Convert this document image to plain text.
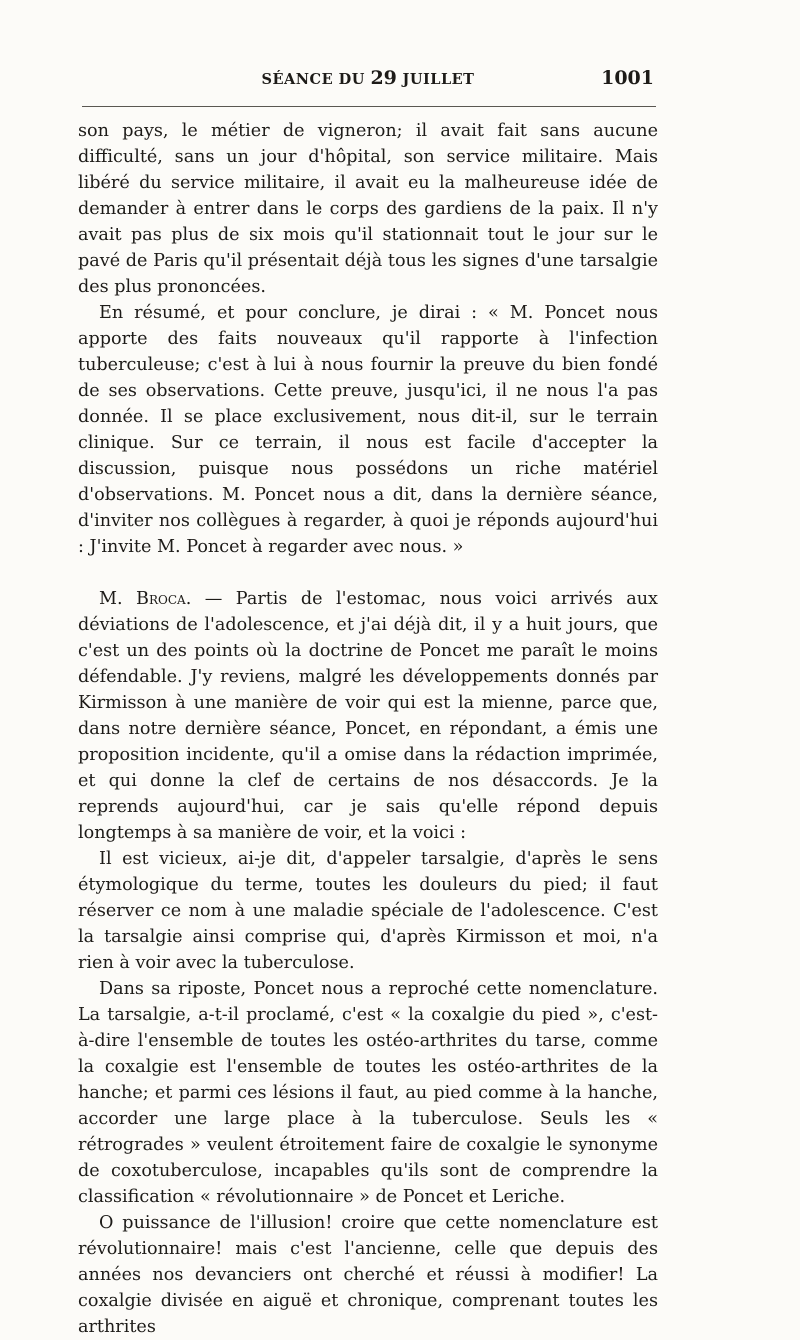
SÉANCE DU 29 JUILLET	1001

son pays, le métier de vigneron; il avait fait sans aucune difficulté, sans un jour d'hôpital, son service militaire. Mais libéré du service militaire, il avait eu la malheureuse idée de demander à entrer dans le corps des gardiens de la paix. Il n'y avait pas plus de six mois qu'il stationnait tout le jour sur le pavé de Paris qu'il présentait déjà tous les signes d'une tarsalgie des plus prononcées.

En résumé, et pour conclure, je dirai : « M. Poncet nous apporte des faits nouveaux qu'il rapporte à l'infection tuberculeuse; c'est à lui à nous fournir la preuve du bien fondé de ses observations. Cette preuve, jusqu'ici, il ne nous l'a pas donnée. Il se place exclusivement, nous dit-il, sur le terrain clinique. Sur ce terrain, il nous est facile d'accepter la discussion, puisque nous possédons un riche matériel d'observations. M. Poncet nous a dit, dans la dernière séance, d'inviter nos collègues à regarder, à quoi je réponds aujourd'hui : J'invite M. Poncet à regarder avec nous. »

M. Broca. — Partis de l'estomac, nous voici arrivés aux déviations de l'adolescence, et j'ai déjà dit, il y a huit jours, que c'est un des points où la doctrine de Poncet me paraît le moins défendable. J'y reviens, malgré les développements donnés par Kirmisson à une manière de voir qui est la mienne, parce que, dans notre dernière séance, Poncet, en répondant, a émis une proposition incidente, qu'il a omise dans la rédaction imprimée, et qui donne la clef de certains de nos désaccords. Je la reprends aujourd'hui, car je sais qu'elle répond depuis longtemps à sa manière de voir, et la voici :

Il est vicieux, ai-je dit, d'appeler tarsalgie, d'après le sens étymologique du terme, toutes les douleurs du pied; il faut réserver ce nom à une maladie spéciale de l'adolescence. C'est la tarsalgie ainsi comprise qui, d'après Kirmisson et moi, n'a rien à voir avec la tuberculose.

Dans sa riposte, Poncet nous a reproché cette nomenclature. La tarsalgie, a-t-il proclamé, c'est « la coxalgie du pied », c'est-à-dire l'ensemble de toutes les ostéo-arthrites du tarse, comme la coxalgie est l'ensemble de toutes les ostéo-arthrites de la hanche; et parmi ces lésions il faut, au pied comme à la hanche, accorder une large place à la tuberculose. Seuls les « rétrogrades » veulent étroitement faire de coxalgie le synonyme de coxotuberculose, incapables qu'ils sont de comprendre la classification « révolutionnaire » de Poncet et Leriche.

O puissance de l'illusion! croire que cette nomenclature est révolutionnaire! mais c'est l'ancienne, celle que depuis des années nos devanciers ont cherché et réussi à modifier! La coxalgie divisée en aiguë et chronique, comprenant toutes les arthrites
